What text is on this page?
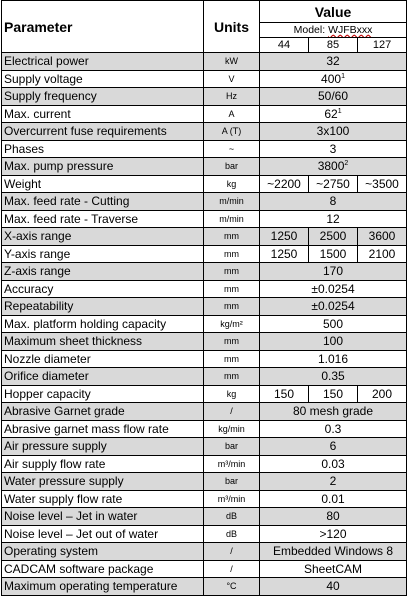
Parameter	Units	Value		
		Model: WJFBxxx		
		44	85	127
Electrical power	kW	32		
Supply voltage	V	$400^1$
Supply frequency	Hz	50/60		
Max. current	A	$62^1$
Overcurrent fuse requirements	A (T)	3x100		
Phases	~	3		
Max. pump pressure	bar	3800$^2$
Weight	kg	~2200	~2750	~3500
Max. feed rate - Cutting	m/min	8		
Max. feed rate - Traverse	m/min	12		
X-axis range	mm	1250	2500	3600
Y-axis range	mm	1250	1500	2100
Z-axis range	mm	170		
Accuracy	mm	±0.0254		
Repeatability	mm	±0.0254		
Max. platform holding capacity	kg/m²	500		
Maximum sheet thickness	mm	100		
Nozzle diameter	mm	1.016		
Orifice diameter	mm	0.35		
Hopper capacity	kg	150	150	200
Abrasive Garnet grade	/	80 mesh grade		
Abrasive garnet mass flow rate	kg/min	0.3		
Air pressure supply	bar	6		
Air supply flow rate	m³/min	0.03		
Water pressure supply	bar	2		
Water supply flow rate	m³/min	0.01		
Noise level – Jet in water	dB	80		
Noise level – Jet out of water	dB	>120		
Operating system	/	Embedded Windows 8		
CADCAM software package	/	SheetCAM		
Maximum operating temperature	°C	40		
